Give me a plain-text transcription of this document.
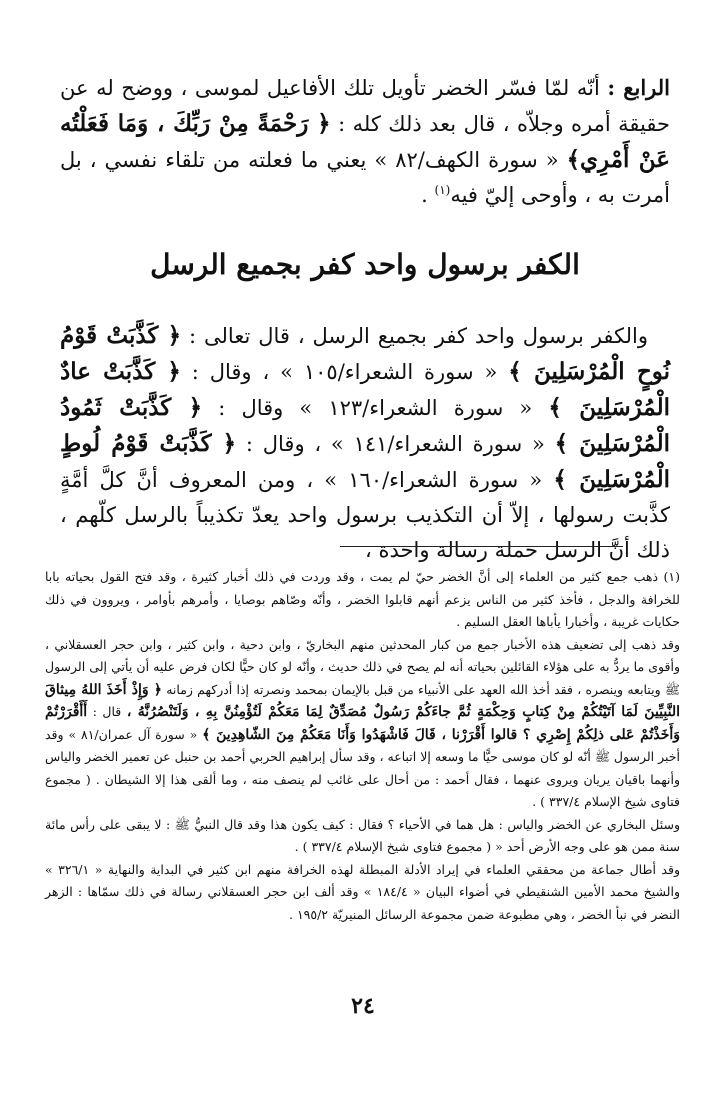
الرابع : أنّه لمّا فسّر الخضر تأويل تلك الأفاعيل لموسى ، ووضح له عن حقيقة أمره وجلاّه ، قال بعد ذلك كله : ﴿ رَحْمَةً مِنْ رَبِّكَ ، وَمَا فَعَلْتُه عَنْ أَمْرِي﴾ « سورة الكهف/٨٢ » يعني ما فعلته من تلقاء نفسي ، بل أمرت به ، وأوحى إليّ فيه$^{(١)}$ .

الكفر برسول واحد كفر بجميع الرسل

والكفر برسول واحد كفر بجميع الرسل ، قال تعالى : ﴿ كَذَّبَتْ قَوْمُ نُوحٍ الْمُرْسَلِينَ ﴾ « سورة الشعراء/١٠٥ » ، وقال : ﴿ كَذَّبَتْ عادٌ الْمُرْسَلِينَ ﴾ « سورة الشعراء/١٢٣ » وقال : ﴿ كَذَّبَتْ ثَمُودُ الْمُرْسَلِينَ ﴾ « سورة الشعراء/١٤١ » ، وقال : ﴿ كَذَّبَتْ قَوْمُ لُوطٍ الْمُرْسَلِينَ ﴾ « سورة الشعراء/١٦٠ » ، ومن المعروف أنَّ كلَّ أمَّةٍ كذَّبت رسولها ، إلاّ أن التكذيب برسول واحد يعدّ تكذيباً بالرسل كلّهم ، ذلك أنَّ الرسل حملة رسالة واحدة ،

(١) ذهب جمع كثير من العلماء إلى أنَّ الخضر حيّ لم يمت ، وقد وردت في ذلك أخبار كثيرة ، وقد فتح القول بحياته بابا للخرافة والدجل ، فأخذ كثير من الناس يزعم أنهم قابلوا الخضر ، وأنّه وصّاهم بوصايا ، وأمرهم بأوامر ، ويروون في ذلك حكايات غريبة ، وأخبارا يأباها العقل السليم .

وقد ذهب إلى تضعيف هذه الأخبار جمع من كبار المحدثين منهم البخاريّ ، وابن دحية ، وابن كثير ، وابن حجر العسقلاني ، وأقوى ما يردُّ به على هؤلاء القائلين بحياته أنه لم يصح في ذلك حديث ، وأنّه لو كان حيًّا لكان فرض عليه أن يأتي إلى الرسول ﷺ ويتابعه وينصره ، فقد أخذ الله العهد على الأنبياء من قبل بالإيمان بمحمد ونصرته إذا أدركهم زمانه ﴿ وَإِذْ أَخَذَ اللهُ مِيثاقَ النَّبِيِّينَ لَمَا آتَيْتُكُمْ مِنْ كِتابٍ وَحِكْمَةٍ ثُمَّ جاءَكُمْ رَسُولٌ مُصَدِّقٌ لِمَا مَعَكُمْ لَتُؤْمِنُنَّ بِهِ ، وَلَتَنْصُرُنَّهُ ، قال : أَأَقْرَرْتُمْ وَأَخَذْتُمْ عَلى ذلِكُمْ إِصْرِي ؟ قالوا أَقْرَرْنا ، قَالَ فَاشْهَدُوا وَأَنَا مَعَكُمْ مِنَ الشّاهِدِينَ ﴾ « سورة آل عمران/٨١ » وقد أخبر الرسول ﷺ أنّه لو كان موسى حيًّا ما وسعه إلا اتباعه ، وقد سأل إبراهيم الحربي أحمد بن حنبل عن تعمير الخضر والياس وأنهما باقيان يريان ويروى عنهما ، فقال أحمد : من أحال على غائب لم ينصف منه ، وما ألقى هذا إلا الشيطان . ( مجموع فتاوى شيخ الإسلام ٣٣٧/٤ ) .

وسئل البخاري عن الخضر والياس : هل هما في الأحياء ؟ فقال : كيف يكون هذا وقد قال النبيُّ ﷺ : لا يبقى على رأس مائة سنة ممن هو على وجه الأرض أحد « ( مجموع فتاوى شيخ الإسلام ٣٣٧/٤ ) .

وقد أطال جماعة من محققي العلماء في إيراد الأدلة المبطلة لهذه الخرافة منهم ابن كثير في البداية والنهاية « ٣٢٦/١ » والشيخ محمد الأمين الشنقيطي في أضواء البيان « ١٨٤/٤ » وقد ألف ابن حجر العسقلاني رسالة في ذلك سمّاها : الزهر النضر في نبأ الخضر ، وهي مطبوعة ضمن مجموعة الرسائل المنيريّة ١٩٥/٢ .

٢٤
